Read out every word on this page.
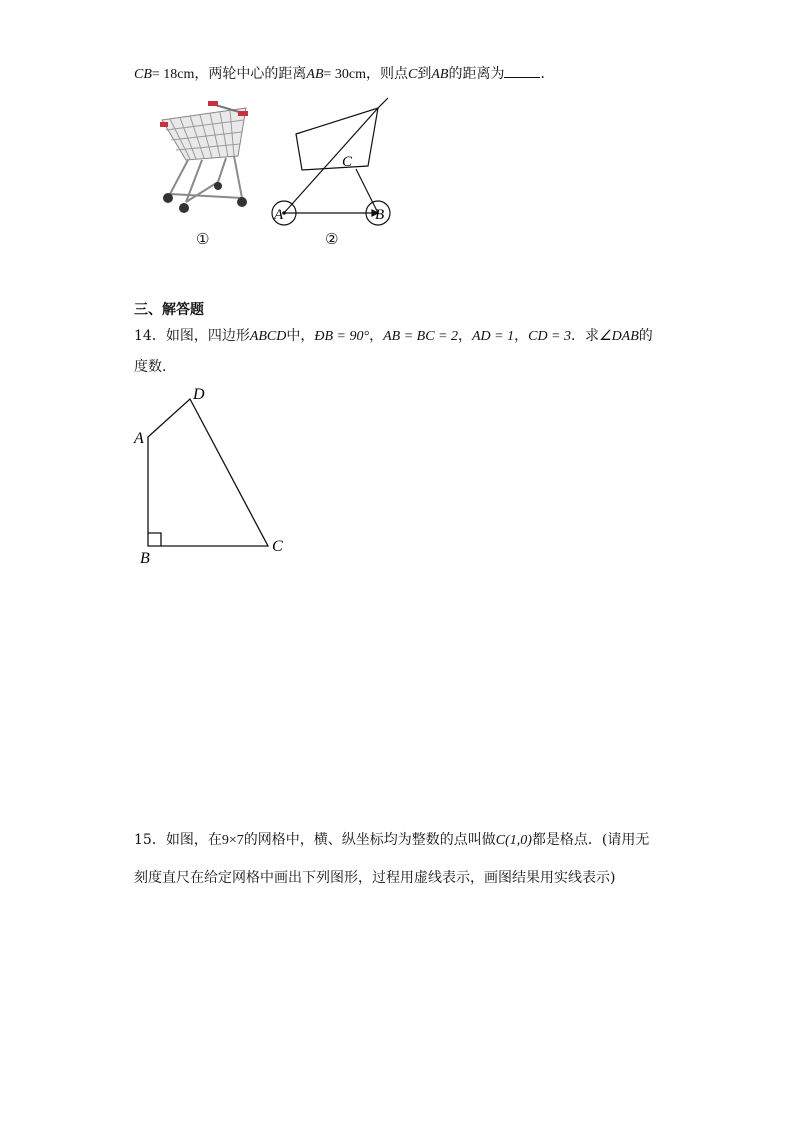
CB= 18cm，两轮中心的距离AB= 30cm，则点C到AB的距离为	．
①
C
A	B
②
三、解答题
14．如图，四边形ABCD中，ÐB = 90°，AB = BC = 2，AD = 1，CD = 3．求∠DAB的
度数．
A
D
C
B
15．如图，在9×7的网格中，横、纵坐标均为整数的点叫做C(1,0)都是格点．(请用无
刻度直尺在给定网格中画出下列图形，过程用虚线表示，画图结果用实线表示)
